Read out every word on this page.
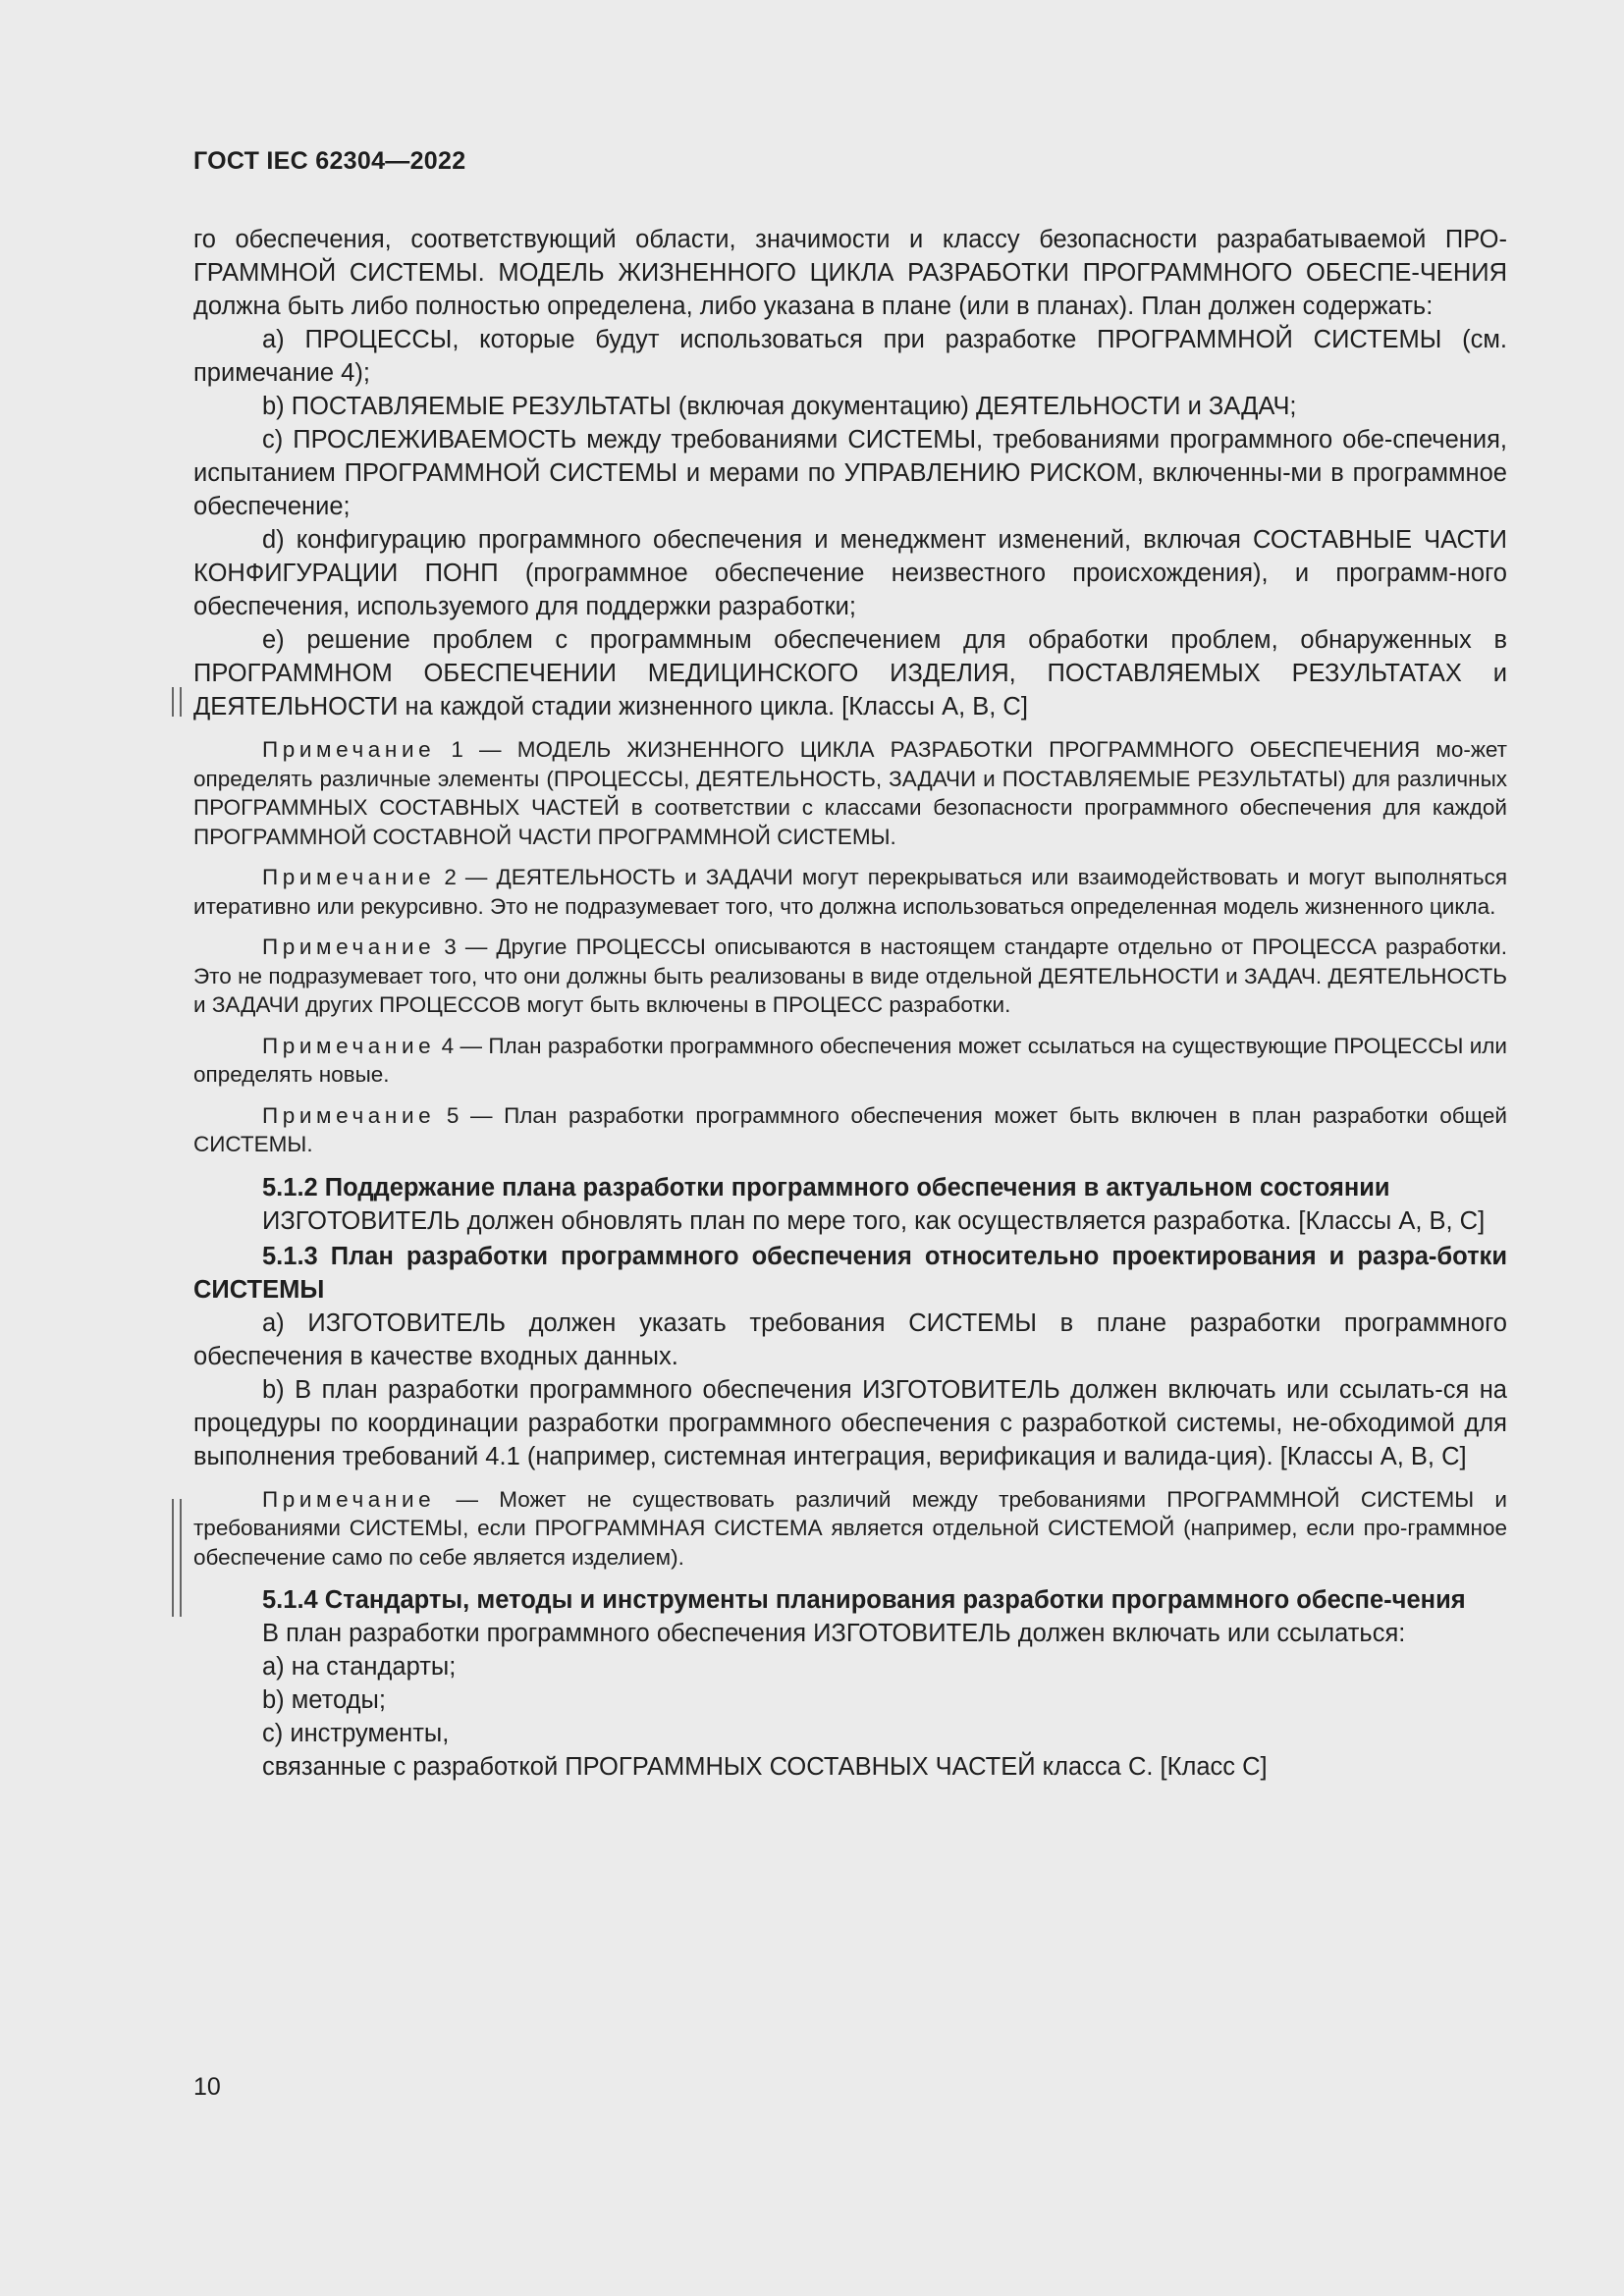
ГОСТ IEC 62304—2022

го обеспечения, соответствующий области, значимости и классу безопасности разрабатываемой ПРО-ГРАММНОЙ СИСТЕМЫ. МОДЕЛЬ ЖИЗНЕННОГО ЦИКЛА РАЗРАБОТКИ ПРОГРАММНОГО ОБЕСПЕ-ЧЕНИЯ должна быть либо полностью определена, либо указана в плане (или в планах). План должен содержать:

a) ПРОЦЕССЫ, которые будут использоваться при разработке ПРОГРАММНОЙ СИСТЕМЫ (см. примечание 4);

b) ПОСТАВЛЯЕМЫЕ РЕЗУЛЬТАТЫ (включая документацию) ДЕЯТЕЛЬНОСТИ и ЗАДАЧ;

c) ПРОСЛЕЖИВАЕМОСТЬ между требованиями СИСТЕМЫ, требованиями программного обе-спечения, испытанием ПРОГРАММНОЙ СИСТЕМЫ и мерами по УПРАВЛЕНИЮ РИСКОМ, включенны-ми в программное обеспечение;

d) конфигурацию программного обеспечения и менеджмент изменений, включая СОСТАВНЫЕ ЧАСТИ КОНФИГУРАЦИИ ПОНП (программное обеспечение неизвестного происхождения), и программ-ного обеспечения, используемого для поддержки разработки;

e) решение проблем с программным обеспечением для обработки проблем, обнаруженных в ПРОГРАММНОМ ОБЕСПЕЧЕНИИ МЕДИЦИНСКОГО ИЗДЕЛИЯ, ПОСТАВЛЯЕМЫХ РЕЗУЛЬТАТАХ и ДЕЯТЕЛЬНОСТИ на каждой стадии жизненного цикла. [Классы А, В, С]

Примечание 1 — МОДЕЛЬ ЖИЗНЕННОГО ЦИКЛА РАЗРАБОТКИ ПРОГРАММНОГО ОБЕСПЕЧЕНИЯ мо-жет определять различные элементы (ПРОЦЕССЫ, ДЕЯТЕЛЬНОСТЬ, ЗАДАЧИ и ПОСТАВЛЯЕМЫЕ РЕЗУЛЬТАТЫ) для различных ПРОГРАММНЫХ СОСТАВНЫХ ЧАСТЕЙ в соответствии с классами безопасности программного обеспечения для каждой ПРОГРАММНОЙ СОСТАВНОЙ ЧАСТИ ПРОГРАММНОЙ СИСТЕМЫ.

Примечание 2 — ДЕЯТЕЛЬНОСТЬ и ЗАДАЧИ могут перекрываться или взаимодействовать и могут выполняться итеративно или рекурсивно. Это не подразумевает того, что должна использоваться определенная модель жизненного цикла.

Примечание 3 — Другие ПРОЦЕССЫ описываются в настоящем стандарте отдельно от ПРОЦЕССА разработки. Это не подразумевает того, что они должны быть реализованы в виде отдельной ДЕЯТЕЛЬНОСТИ и ЗАДАЧ. ДЕЯТЕЛЬНОСТЬ и ЗАДАЧИ других ПРОЦЕССОВ могут быть включены в ПРОЦЕСС разработки.

Примечание 4 — План разработки программного обеспечения может ссылаться на существующие ПРОЦЕССЫ или определять новые.

Примечание 5 — План разработки программного обеспечения может быть включен в план разработки общей СИСТЕМЫ.

5.1.2 Поддержание плана разработки программного обеспечения в актуальном состоянии

ИЗГОТОВИТЕЛЬ должен обновлять план по мере того, как осуществляется разработка. [Классы А, В, С]

5.1.3 План разработки программного обеспечения относительно проектирования и разра-ботки СИСТЕМЫ

a) ИЗГОТОВИТЕЛЬ должен указать требования СИСТЕМЫ в плане разработки программного обеспечения в качестве входных данных.

b) В план разработки программного обеспечения ИЗГОТОВИТЕЛЬ должен включать или ссылать-ся на процедуры по координации разработки программного обеспечения с разработкой системы, не-обходимой для выполнения требований 4.1 (например, системная интеграция, верификация и валида-ция). [Классы А, В, С]

Примечание — Может не существовать различий между требованиями ПРОГРАММНОЙ СИСТЕМЫ и требованиями СИСТЕМЫ, если ПРОГРАММНАЯ СИСТЕМА является отдельной СИСТЕМОЙ (например, если про-граммное обеспечение само по себе является изделием).

5.1.4 Стандарты, методы и инструменты планирования разработки программного обеспе-чения

В план разработки программного обеспечения ИЗГОТОВИТЕЛЬ должен включать или ссылаться:

a) на стандарты;

b) методы;

c) инструменты,

связанные с разработкой ПРОГРАММНЫХ СОСТАВНЫХ ЧАСТЕЙ класса С. [Класс С]

10
